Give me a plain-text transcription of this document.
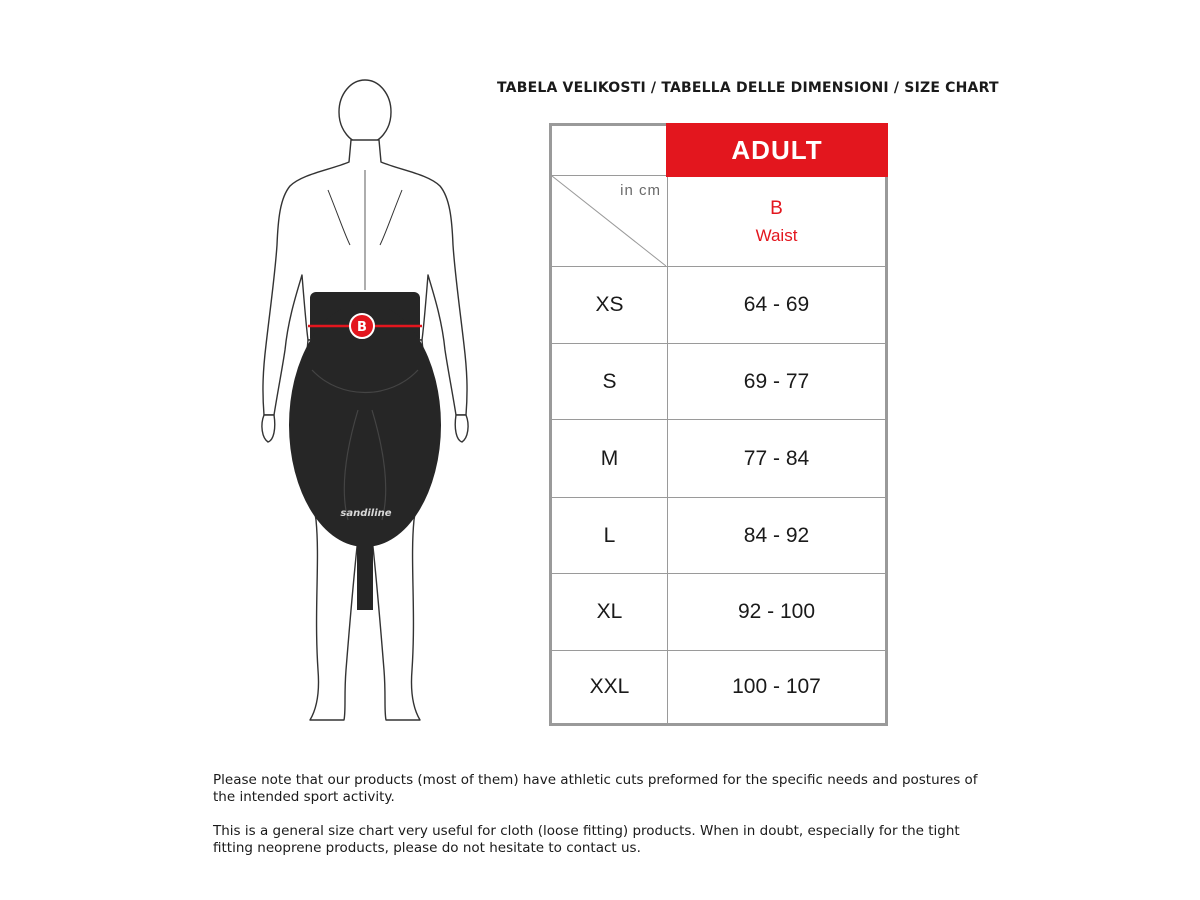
B
sandiline
TABELA VELIKOSTI / TABELLA DELLE DIMENSIONI / SIZE CHART
	ADULT

in cm	B
Waist

XS	64 - 69
S	69 - 77
M	77 - 84
L	84 - 92
XL	92 - 100
XXL	100 - 107

Please note that our products (most of them) have athletic cuts preformed for the specific needs and postures of the intended sport activity.

This is a general size chart very useful for cloth (loose fitting) products. When in doubt, especially for the tight fitting neoprene products, please do not hesitate to contact us.
